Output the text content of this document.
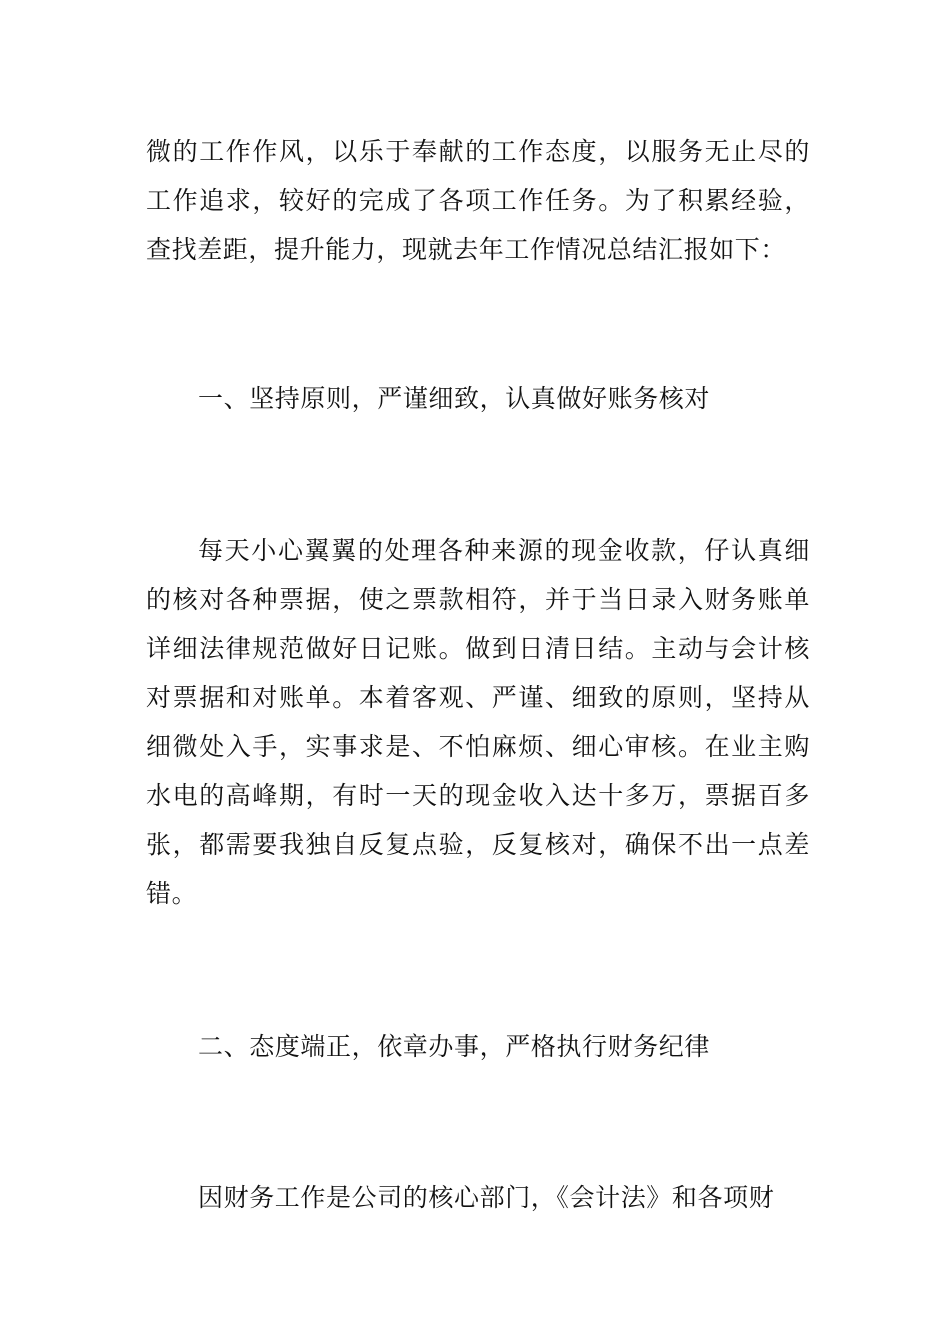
微的工作作风，以乐于奉献的工作态度，以服务无止尽的工作追求，较好的完成了各项工作任务。为了积累经验，查找差距，提升能力，现就去年工作情况总结汇报如下：

一、坚持原则，严谨细致，认真做好账务核对

每天小心翼翼的处理各种来源的现金收款，仔认真细的核对各种票据，使之票款相符，并于当日录入财务账单详细法律规范做好日记账。做到日清日结。主动与会计核对票据和对账单。本着客观、严谨、细致的原则，坚持从细微处入手，实事求是、不怕麻烦、细心审核。在业主购水电的高峰期，有时一天的现金收入达十多万，票据百多张，都需要我独自反复点验，反复核对，确保不出一点差错。

二、态度端正，依章办事，严格执行财务纪律

因财务工作是公司的核心部门，《会计法》和各项财
